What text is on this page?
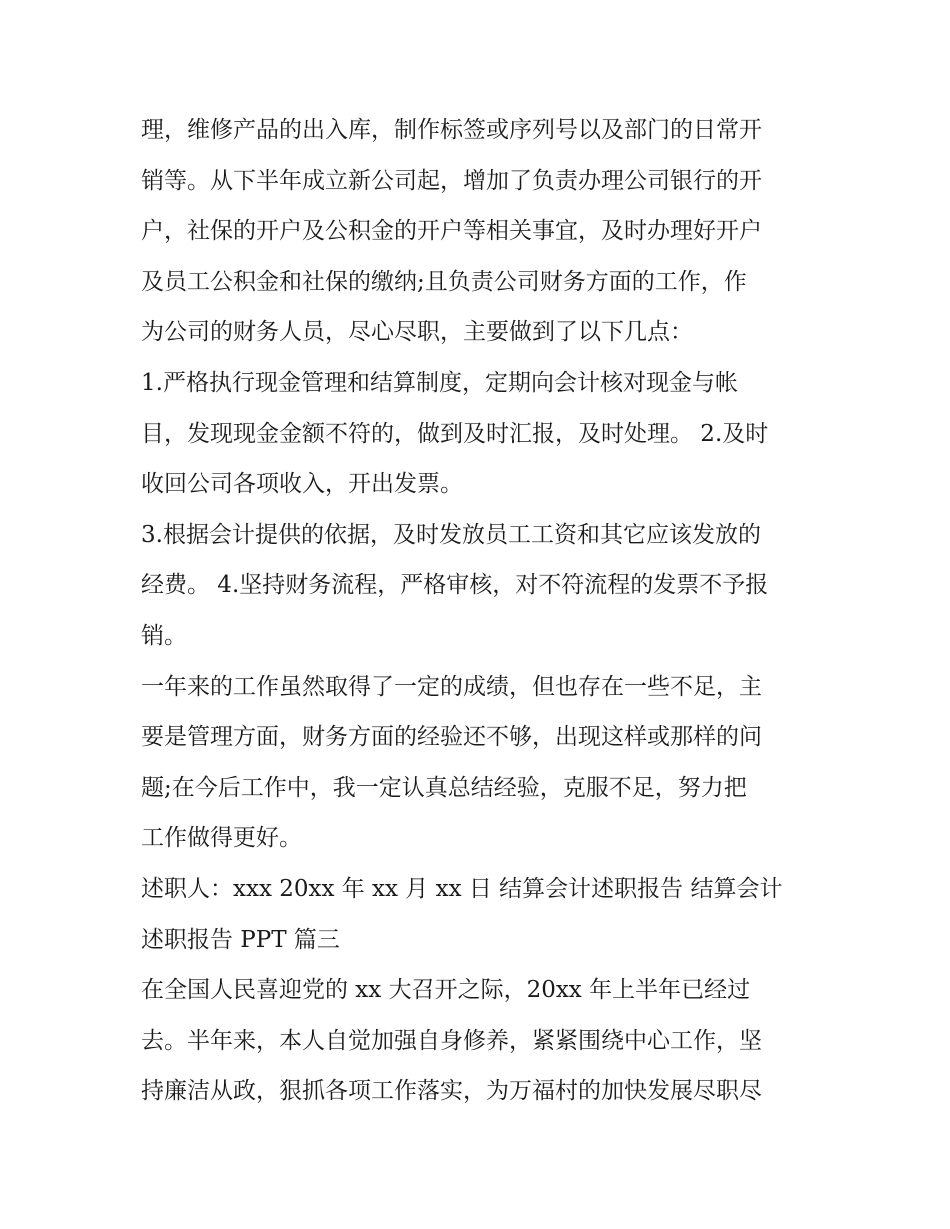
理，维修产品的出入库，制作标签或序列号以及部门的日常开
销等。从下半年成立新公司起，增加了负责办理公司银行的开
户，社保的开户及公积金的开户等相关事宜，及时办理好开户
及员工公积金和社保的缴纳;且负责公司财务方面的工作，作
为公司的财务人员，尽心尽职，主要做到了以下几点：
1.严格执行现金管理和结算制度，定期向会计核对现金与帐
目，发现现金金额不符的，做到及时汇报，及时处理。 2.及时
收回公司各项收入，开出发票。
3.根据会计提供的依据，及时发放员工工资和其它应该发放的
经费。 4.坚持财务流程，严格审核，对不符流程的发票不予报
销。
一年来的工作虽然取得了一定的成绩，但也存在一些不足，主
要是管理方面，财务方面的经验还不够，出现这样或那样的问
题;在今后工作中，我一定认真总结经验，克服不足，努力把
工作做得更好。
述职人：xxx 20xx 年 xx 月 xx 日 结算会计述职报告 结算会计
述职报告 PPT 篇三
在全国人民喜迎党的 xx 大召开之际，20xx 年上半年已经过
去。半年来，本人自觉加强自身修养，紧紧围绕中心工作，坚
持廉洁从政，狠抓各项工作落实，为万福村的加快发展尽职尽
